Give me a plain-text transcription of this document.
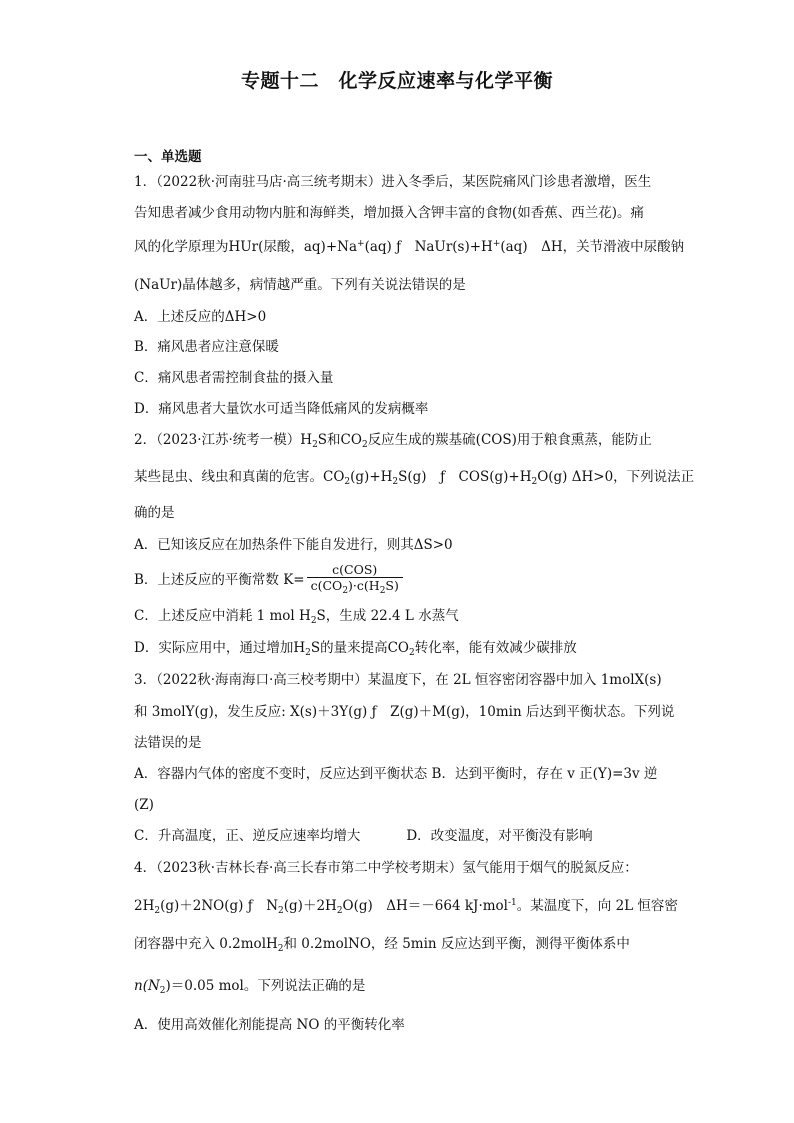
专题十二　化学反应速率与化学平衡
一、单选题
1．（2022秋·河南驻马店·高三统考期末）进入冬季后，某医院痛风门诊患者激增，医生
告知患者减少食用动物内脏和海鲜类，增加摄入含钾丰富的食物(如香蕉、西兰花)。痛
风的化学原理为HUr(尿酸，aq)+Na+(aq) ƒ　NaUr(s)+H+(aq)　ΔH，关节滑液中尿酸钠
(NaUr)晶体越多，病情越严重。下列有关说法错误的是
A．上述反应的ΔH>0
B．痛风患者应注意保暖
C．痛风患者需控制食盐的摄入量
D．痛风患者大量饮水可适当降低痛风的发病概率
2．（2023·江苏·统考一模）$H_2S$和$CO_2$反应生成的羰基硫(COS)用于粮食熏蒸，能防止
某些昆虫、线虫和真菌的危害。$CO_2(g)+H_2S(g)$　ƒ　$COS(g)+H_2O(g)$ ΔH>0，下列说法正
确的是
A．已知该反应在加热条件下能自发进行，则其ΔS>0
B．上述反应的平衡常数 $K= \frac{\text{c(COS)}}{c(CO_2)\cdot c(H_2S)}$
C．上述反应中消耗 1 mol $H_2S$，生成 22.4 L 水蒸气
D．实际应用中，通过增加$H_2S$的量来提高$CO_2$转化率，能有效减少碳排放
3．（2022秋·海南海口·高三校考期中）某温度下，在 2L 恒容密闭容器中加入 1molX(s)
和 3molY(g)，发生反应: X(s)＋3Y(g) ƒ　Z(g)＋M(g)，10min 后达到平衡状态。下列说
法错误的是
A．容器内气体的密度不变时，反应达到平衡状态 B．达到平衡时，存在 v 正(Y)=3v 逆
(Z)
C．升高温度，正、逆反应速率均增大	D．改变温度，对平衡没有影响
4．（2023秋·吉林长春·高三长春市第二中学校考期末）氢气能用于烟气的脱氮反应：
$2H_2(g)+2NO(g)$ ƒ　$N_2(g)+2H_2O(g)$　ΔH＝－664 kJ·mol$^{-1}$。某温度下，向 2L 恒容密
闭容器中充入 0.2molH$_2$和 0.2molNO，经 5min 反应达到平衡，测得平衡体系中
$n(N_2)=0.05$ mol。下列说法正确的是
A．使用高效催化剂能提高 NO 的平衡转化率
